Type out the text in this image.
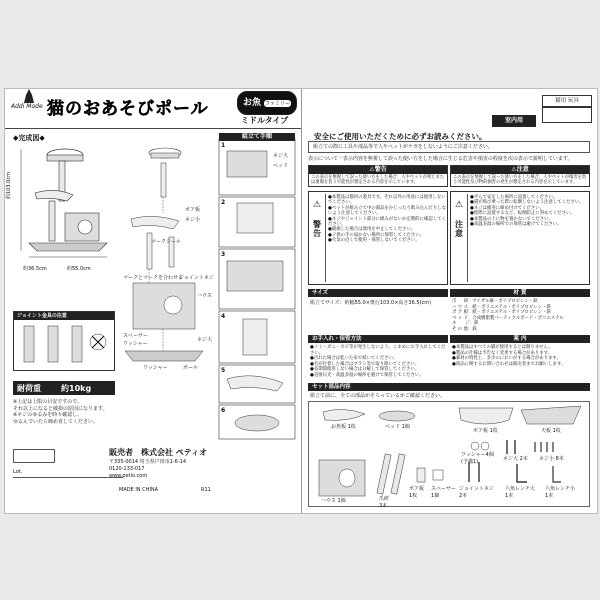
Addi Mode 猫のおあそびポール	お魚 ファミリー
ミドルタイプ
◆完成図◆
約103.0cm
約36.5cm	約55.0cm
ジョイント金具の注意
耐荷重	約10kg
※上記は上限の目安ですので、
それ以上になると破損の原因になります。
※ネジのゆるみを時々確認し、
ゆるんでいたら締め直してください。
Lot.
販売者 株式会社 ペティオ
〒335-0014 埼玉県戸田市1-6-14
0120-133-017
www.petio.com
MADE IN CHINA	R11
組立て手順
1
2
3
4
5
6
ネジ大
ベッド
ポア板
ネジ小
マークシール
マークとマークを合わせる
ジョイントネジ
スペーサー
ワッシャー
ハウス
ネジ大
ポール
ワッシャー
猫用 玩具
室内用
安全にご使用いただくために必ずお読みください。
組立ての際に工具や部品等で人やペットがケガをしないようにご注意ください。
表示について一表示内容を無視して誤った使い方をした場合に生じる危害や損害の程度を次の表示で説明しています。
⚠警告
この表示を無視して誤った使い方をした場合、人やペットが死亡または重傷を負う可能性が想定される内容を示しています。
⚠注意
この表示を無視して誤った使い方をした場合、人やペットが傷害を負う可能性及び物的損害の発生が想定される内容を示しています。
⚠
警告
●本製品は猫用の遊具です。それ以外の用途には使用しないでください。
●ペットが組み立て中の部品をかじったり飲み込んだりしないよう注意してください。
●ネジやジョイント部分に緩みがないか定期的に確認してください。
●破損した場合は使用を中止してください。
●子供の手の届かない場所に保管してください。
●火気の近くで使用・保管しないでください。
⚠
注意
●平らで安定した場所に設置してください。
●猫が飛び乗った際に転倒しないよう注意してください。
●ネジは確実に締め付けてください。
●壁際に設置するなど、転倒防止に努めてください。
●本製品の上に物を置かないでください。
●高温多湿の場所での保管は避けてください。
サイズ
組立てサイズ：約幅55.0×奥行103.0×高さ36.5(cm)
材 質
爪 　 研：サイザル麻・ポリプロピレン・鉄
ハ ウ ス：紙・ポリエステル・ポリプロピレン・鉄
ポ ア 板：紙・ポリエステル・ポリプロピレン・鉄
ベ ッ ド：合成樹脂製パーティクルボード・ポリエステル
ネ　　ジ：鉄
そ の 他：鉄
お手入れ・保管方法
●ノミ・ダニ・カビ等が発生しないよう、こまめにお手入れしてください。
●汚れた場合は乾いた布で拭いてください。
●毛が付着した場合はブラシ等で取り除いてください。
●長期間使用しない場合は分解して保管してください。
●直射日光・高温多湿の場所を避けて保管してください。
案 内
●本製品はすべての猫が使用するとは限りません。
●製品の仕様は予告なく変更する場合があります。
●素材の特性上、多少のにおいがする場合があります。
●商品に関するお問い合わせは販売者までお願いします。
セット部品内容
組立て前に、全ての部品がそろっているかご確認ください。
お魚板 1枚	ベッド 1個
ポア板 1枚	天板 1枚
ワッシャー4個
(予備1)	ネジ大 2本 ネジ小 8本
ハウス 1個	爪研
3本
ポア板
1枚
スペーサー
1個
ジョイントネジ
2本
六角レンチ大
1本
六角レンチ小
1本
